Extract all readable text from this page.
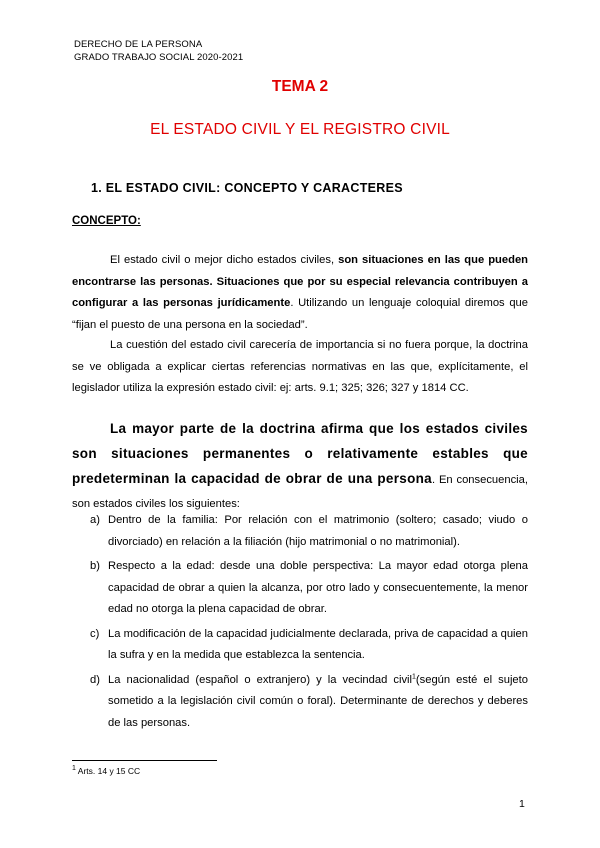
DERECHO DE LA PERSONA
GRADO TRABAJO SOCIAL 2020-2021
TEMA 2
EL ESTADO CIVIL Y EL REGISTRO CIVIL
1. EL ESTADO CIVIL: CONCEPTO Y CARACTERES
CONCEPTO:
El estado civil o mejor dicho estados civiles, son situaciones en las que pueden encontrarse las personas. Situaciones que por su especial relevancia contribuyen a configurar a las personas jurídicamente. Utilizando un lenguaje coloquial diremos que “fijan el puesto de una persona en la sociedad”.
La cuestión del estado civil carecería de importancia si no fuera porque, la doctrina se ve obligada a explicar ciertas referencias normativas en las que, explícitamente, el legislador utiliza la expresión estado civil: ej: arts. 9.1; 325; 326; 327 y 1814 CC.
La mayor parte de la doctrina afirma que los estados civiles son situaciones permanentes o relativamente estables que predeterminan la capacidad de obrar de una persona. En consecuencia, son estados civiles los siguientes:
a) Dentro de la familia: Por relación con el matrimonio (soltero; casado; viudo o divorciado) en relación a la filiación (hijo matrimonial o no matrimonial).
b) Respecto a la edad: desde una doble perspectiva: La mayor edad otorga plena capacidad de obrar a quien la alcanza, por otro lado y consecuentemente, la menor edad no otorga la plena capacidad de obrar.
c) La modificación de la capacidad judicialmente declarada, priva de capacidad a quien la sufra y en la medida que establezca la sentencia.
d) La nacionalidad (español o extranjero) y la vecindad civil$^1$(según esté el sujeto sometido a la legislación civil común o foral). Determinante de derechos y deberes de las personas.
$^1$ Arts. 14 y 15 CC
1
